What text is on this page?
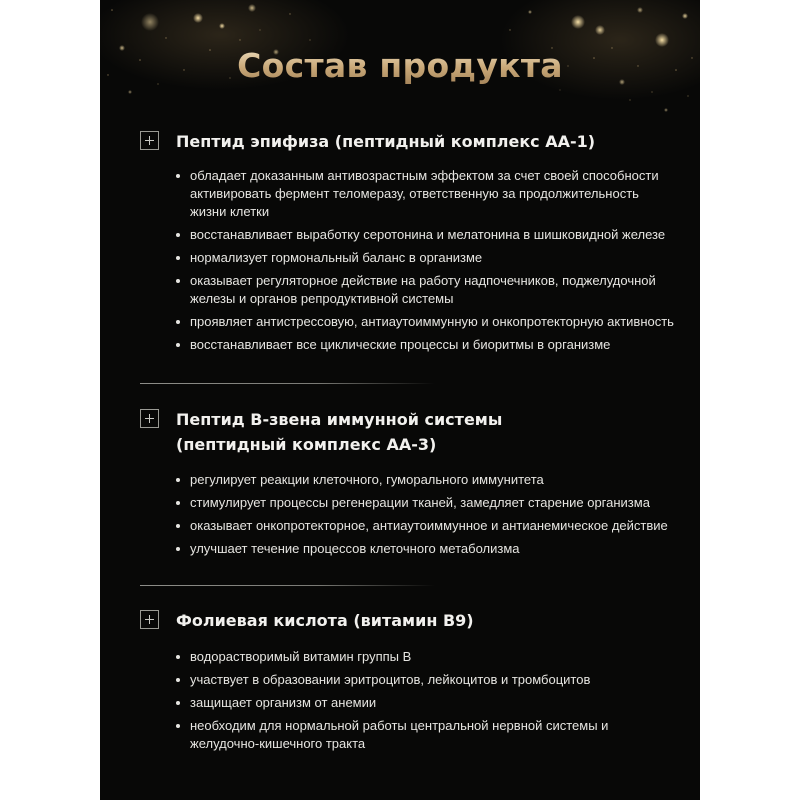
Состав продукта
Пептид эпифиза (пептидный комплекс АА-1)
обладает доказанным антивозрастным эффектом за счет своей способности активировать фермент теломеразу, ответственную за продолжительность жизни клетки
восстанавливает выработку серотонина и мелатонина в шишковидной железе
нормализует гормональный баланс в организме
оказывает регуляторное действие на работу надпочечников, поджелудочной железы и органов репродуктивной системы
проявляет антистрессовую, антиаутоиммунную и онкопротекторную активность
восстанавливает все циклические процессы и биоритмы в организме
Пептид В-звена иммунной системы (пептидный комплекс АА-3)
регулирует реакции клеточного, гуморального иммунитета
стимулирует процессы регенерации тканей, замедляет старение организма
оказывает онкопротекторное, антиаутоиммунное и антианемическое действие
улучшает течение процессов клеточного метаболизма
Фолиевая кислота (витамин В9)
водорастворимый витамин группы В
участвует в образовании эритроцитов, лейкоцитов и тромбоцитов
защищает организм от анемии
необходим для нормальной работы центральной нервной системы и желудочно-кишечного тракта
